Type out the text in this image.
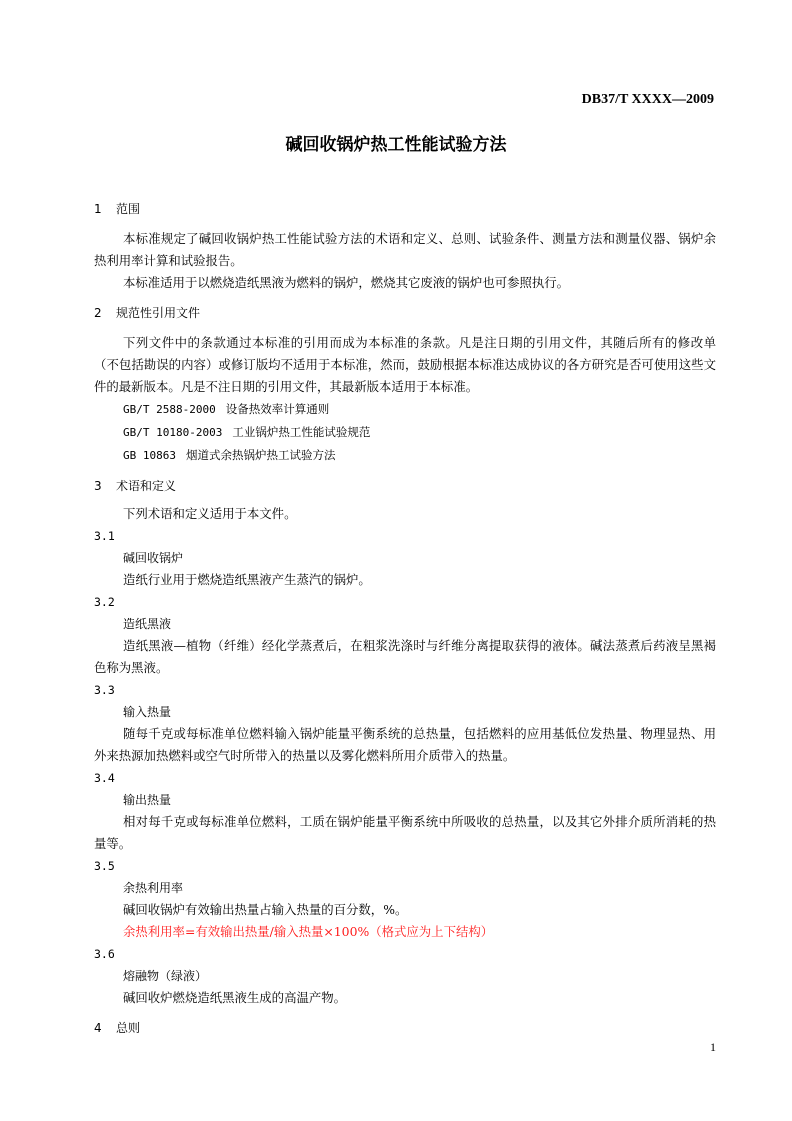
DB37/T XXXX—2009
碱回收锅炉热工性能试验方法

1 范围

本标准规定了碱回收锅炉热工性能试验方法的术语和定义、总则、试验条件、测量方法和测量仪器、锅炉余热利用率计算和试验报告。

本标准适用于以燃烧造纸黑液为燃料的锅炉，燃烧其它废液的锅炉也可参照执行。

2 规范性引用文件

下列文件中的条款通过本标准的引用而成为本标准的条款。凡是注日期的引用文件，其随后所有的修改单（不包括勘误的内容）或修订版均不适用于本标准，然而，鼓励根据本标准达成协议的各方研究是否可使用这些文件的最新版本。凡是不注日期的引用文件，其最新版本适用于本标准。

GB/T 2588-2000 设备热效率计算通则

GB/T 10180-2003 工业锅炉热工性能试验规范

GB 10863 烟道式余热锅炉热工试验方法

3 术语和定义

下列术语和定义适用于本文件。

3.1

碱回收锅炉

造纸行业用于燃烧造纸黑液产生蒸汽的锅炉。

3.2

造纸黑液

造纸黑液—植物（纤维）经化学蒸煮后，在粗浆洗涤时与纤维分离提取获得的液体。碱法蒸煮后药液呈黑褐色称为黑液。

3.3

输入热量

随每千克或每标准单位燃料输入锅炉能量平衡系统的总热量，包括燃料的应用基低位发热量、物理显热、用外来热源加热燃料或空气时所带入的热量以及雾化燃料所用介质带入的热量。

3.4

输出热量

相对每千克或每标准单位燃料，工质在锅炉能量平衡系统中所吸收的总热量，以及其它外排介质所消耗的热量等。

3.5

余热利用率

碱回收锅炉有效输出热量占输入热量的百分数，%。

余热利用率=有效输出热量/输入热量×100%（格式应为上下结构）

3.6

熔融物（绿液）

碱回收炉燃烧造纸黑液生成的高温产物。

4 总则

1
